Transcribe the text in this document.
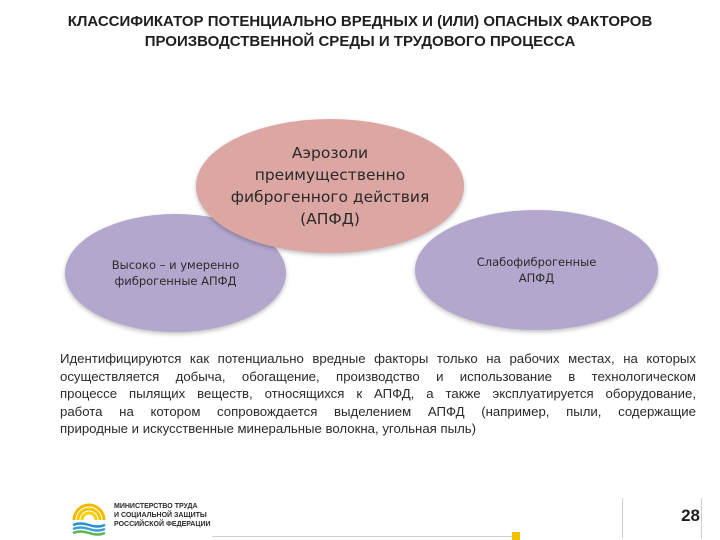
КЛАССИФИКАТОР ПОТЕНЦИАЛЬНО ВРЕДНЫХ И (ИЛИ) ОПАСНЫХ ФАКТОРОВ
ПРОИЗВОДСТВЕННОЙ СРЕДЫ И ТРУДОВОГО ПРОЦЕССА
Высоко – и умеренно
фиброгенные АПФД
Слабофиброгенные
АПФД
Аэрозоли
преимущественно
фиброгенного действия
(АПФД)
Идентифицируются как потенциально вредные факторы только на рабочих местах, на которых
осуществляется добыча, обогащение, производство и использование в технологическом
процессе пылящих веществ, относящихся к АПФД, а также эксплуатируется оборудование,
работа на котором сопровождается выделением АПФД (например, пыли, содержащие
природные и искусственные минеральные волокна, угольная пыль)
МИНИСТЕРСТВО ТРУДА
И СОЦИАЛЬНОЙ ЗАЩИТЫ
РОССИЙСКОЙ ФЕДЕРАЦИИ	28
